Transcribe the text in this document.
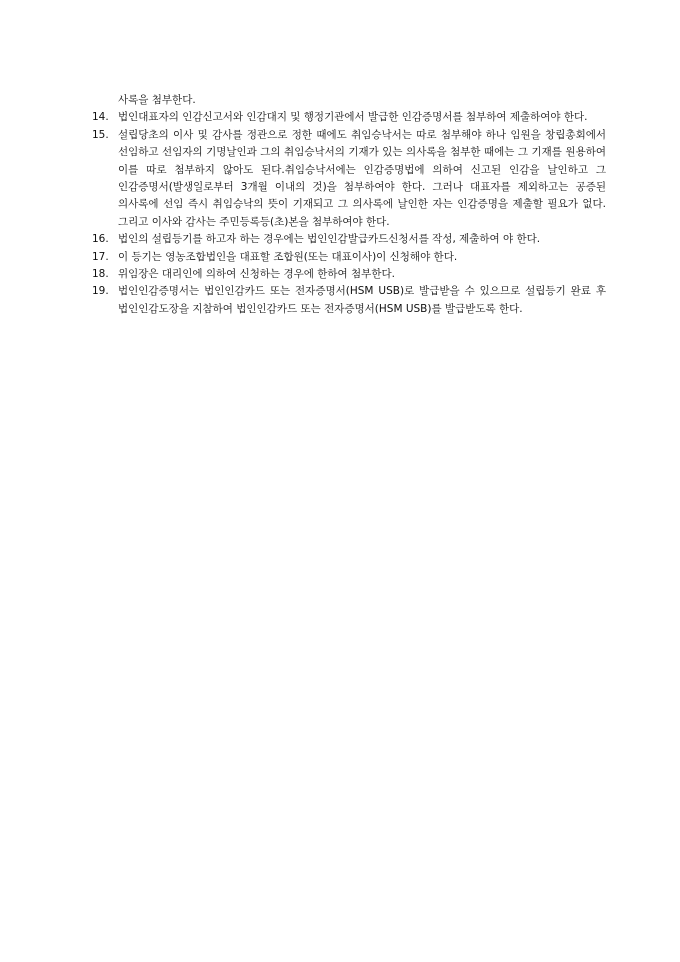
사록을 첨부한다.

14. 법인대표자의 인감신고서와 인감대지 및 행정기관에서 발급한 인감증명서를 첨부하여 제출하여야 한다.
15. 설립당초의 이사 및 감사를 정관으로 정한 때에도 취임승낙서는 따로 첨부해야 하나 임원을 창립총회에서 선임하고 선임자의 기명날인과 그의 취임승낙서의 기재가 있는 의사록을 첨부한 때에는 그 기재를 원용하여 이를 따로 첨부하지 않아도 된다.취임승낙서에는 인감증명법에 의하여 신고된 인감을 날인하고 그 인감증명서(발생일로부터 3개월 이내의 것)을 첨부하여야 한다. 그러나 대표자를 제외하고는 공증된 의사록에 선임 즉시 취임승낙의 뜻이 기재되고 그 의사록에 날인한 자는 인감증명을 제출할 필요가 없다. 그리고 이사와 감사는 주민등록등(초)본을 첨부하여야 한다.
16. 법인의 설립등기를 하고자 하는 경우에는 법인인감발급카드신청서를 작성, 제출하여 야 한다.
17. 이 등기는 영농조합법인을 대표할 조합원(또는 대표이사)이 신청해야 한다.
18. 위임장은 대리인에 의하여 신청하는 경우에 한하여 첨부한다.
19. 법인인감증명서는 법인인감카드 또는 전자증명서(HSM USB)로 발급받을 수 있으므로 설립등기 완료 후 법인인감도장을 지참하여 법인인감카드 또는 전자증명서(HSM USB)를 발급받도록 한다.
